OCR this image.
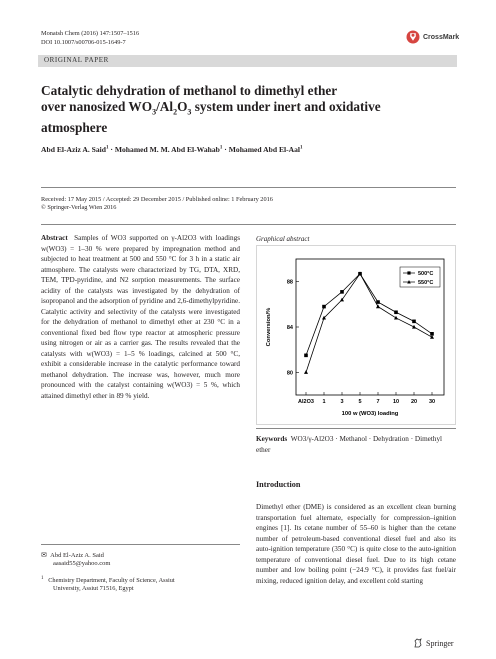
Monatsh Chem (2016) 147:1507–1516
DOI 10.1007/s00706-015-1649-7
CrossMark
ORIGINAL PAPER
Catalytic dehydration of methanol to dimethyl ether
over nanosized $WO_3/Al_2O_3$ system under inert and oxidative
atmosphere
Abd El-Aziz A. Said$^1$ · Mohamed M. M. Abd El-Wahab$^1$ · Mohamed Abd El-Aal$^1$
Received: 17 May 2015 / Accepted: 29 December 2015 / Published online: 1 February 2016
© Springer-Verlag Wien 2016
Abstract Samples of WO3 supported on γ-Al2O3 with loadings w(WO3) = 1–30 % were prepared by impregnation method and subjected to heat treatment at 500 and 550 °C for 3 h in a static air atmosphere. The catalysts were characterized by TG, DTA, XRD, TEM, TPD-pyridine, and N2 sorption measurements. The surface acidity of the catalysts was investigated by the dehydration of isopropanol and the adsorption of pyridine and 2,6-dimethylpyridine. Catalytic activity and selectivity of the catalysts were investigated for the dehydration of methanol to dimethyl ether at 230 °C in a conventional fixed bed flow type reactor at atmospheric pressure using nitrogen or air as a carrier gas. The results revealed that the catalysts with w(WO3) = 1–5 % loadings, calcined at 500 °C, exhibit a considerable increase in the catalytic performance toward methanol dehydration. The increase was, however, much more pronounced with the catalyst containing w(WO3) = 5 %, which attained dimethyl ether in 89 % yield.
Graphical abstract
80
84
88
Al2O3 1	3	5	7 10 20 30
100 w (WO3) loading
Conversion/%
500°C
550°C
Keywords WO3/γ-Al2O3 · Methanol · Dehydration · Dimethyl ether
Introduction
Dimethyl ether (DME) is considered as an excellent clean burning transportation fuel alternate, especially for compression–ignition engines [1]. Its cetane number of 55–60 is higher than the cetane number of petroleum-based conventional diesel fuel and also its auto-ignition temperature (350 °C) is quite close to the auto-ignition temperature of conventional diesel fuel. Due to its high cetane number and low boiling point (−24.9 °C), it provides fast fuel/air mixing, reduced ignition delay, and excellent cold starting
✉ Abd El-Aziz A. Said
aasaid55@yahoo.com
$^1$ Chemistry Department, Faculty of Science, Assiut
University, Assiut 71516, Egypt
Springer
